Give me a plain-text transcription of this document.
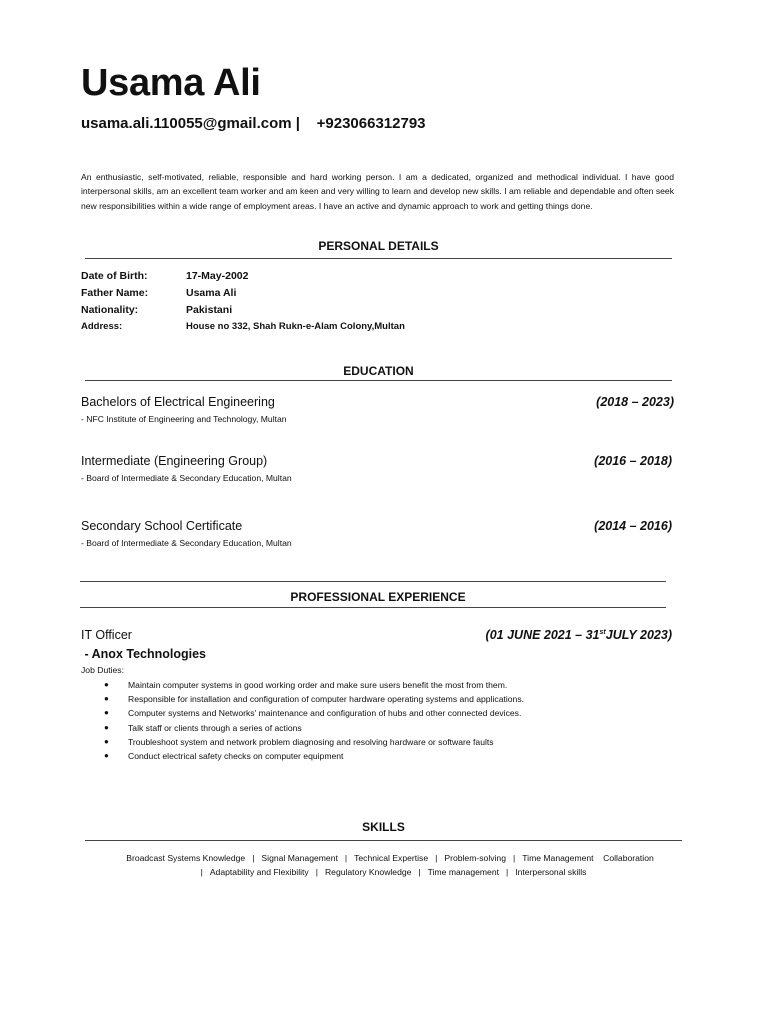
Usama Ali
usama.ali.110055@gmail.com | +923066312793
An enthusiastic, self-motivated, reliable, responsible and hard working person. I am a dedicated, organized and methodical individual. I have good interpersonal skills, am an excellent team worker and am keen and very willing to learn and develop new skills. I am reliable and dependable and often seek new responsibilities within a wide range of employment areas. I have an active and dynamic approach to work and getting things done.
PERSONAL DETAILS
Date of Birth:	17-May-2002
Father Name:	Usama Ali
Nationality:	Pakistani
Address:	House no 332, Shah Rukn-e-Alam Colony,Multan
EDUCATION
Bachelors of Electrical Engineering	(2018 – 2023)
- NFC Institute of Engineering and Technology, Multan
Intermediate (Engineering Group)	(2016 – 2018)
- Board of Intermediate & Secondary Education, Multan
Secondary School Certificate	(2014 – 2016)
- Board of Intermediate & Secondary Education, Multan
PROFESSIONAL EXPERIENCE
IT Officer	(01 JUNE 2021 – 31stJULY 2023)
- Anox Technologies
Job Duties:
● Maintain computer systems in good working order and make sure users benefit the most from them.
● Responsible for installation and configuration of computer hardware operating systems and applications.
● Computer systems and Networks' maintenance and configuration of hubs and other connected devices.
● Talk staff or clients through a series of actions
● Troubleshoot system and network problem diagnosing and resolving hardware or software faults
● Conduct electrical safety checks on computer equipment
SKILLS
Broadcast Systems Knowledge | Signal Management | Technical Expertise | Problem-solving | Time Management Collaboration
| Adaptability and Flexibility | Regulatory Knowledge | Time management | Interpersonal skills
